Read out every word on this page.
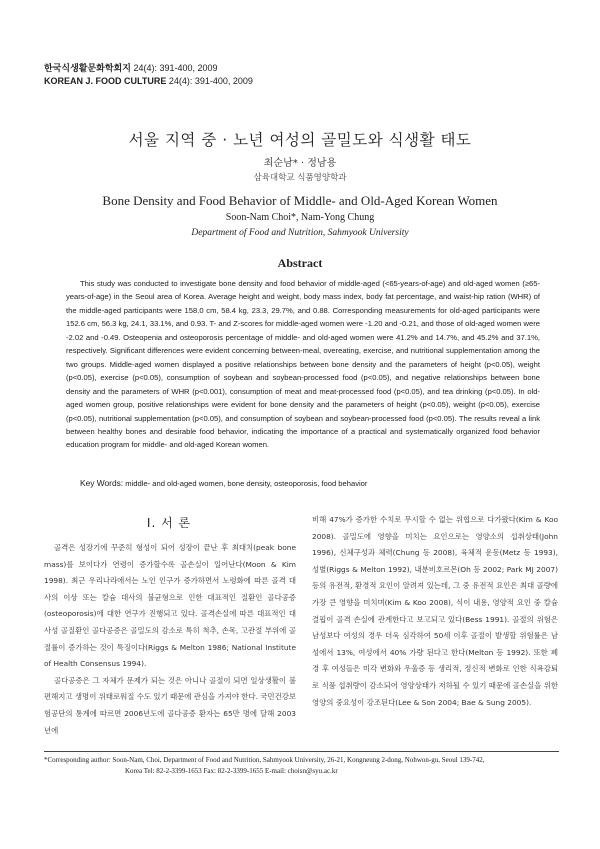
한국식생활문화학회지 24(4): 391-400, 2009
KOREAN J. FOOD CULTURE 24(4): 391-400, 2009
서울 지역 중 · 노년 여성의 골밀도와 식생활 태도
최순남* · 정남용
삼육대학교 식품영양학과
Bone Density and Food Behavior of Middle- and Old-Aged Korean Women
Soon-Nam Choi*, Nam-Yong Chung
Department of Food and Nutrition, Sahmyook University
Abstract
This study was conducted to investigate bone density and food behavior of middle-aged (<65-years-of-age) and old-aged women (≥65-years-of-age) in the Seoul area of Korea. Average height and weight, body mass index, body fat percentage, and waist-hip ration (WHR) of the middle-aged participants were 158.0 cm, 58.4 kg, 23.3, 29.7%, and 0.88. Corresponding measurements for old-aged participants were 152.6 cm, 56.3 kg, 24.1, 33.1%, and 0.93. T- and Z-scores for middle-aged women were -1.20 and -0.21, and those of old-aged women were -2.02 and -0.49. Osteopenia and osteoporosis percentage of middle- and old-aged women were 41.2% and 14.7%, and 45.2% and 37.1%, respectively. Significant differences were evident concerning between-meal, overeating, exercise, and nutritional supplementation among the two groups. Middle-aged women displayed a positive relationships between bone density and the parameters of height (p<0.05), weight (p<0.05), exercise (p<0.05), consumption of soybean and soybean-processed food (p<0.05), and negative relationships between bone density and the parameters of WHR (p<0.001), consumption of meat and meat-processed food (p<0.05), and tea drinking (p<0.05). In old-aged women group, positive relationships were evident for bone density and the parameters of height (p<0.05), weight (p<0.05), exercise (p<0.05), nutritional supplementation (p<0.05), and consumption of soybean and soybean-processed food (p<0.05). The results reveal a link between healthy bones and desirable food behavior, indicating the importance of a practical and systematically organized food behavior education program for middle- and old-aged Korean women.
Key Words: middle- and old-aged women, bone density, osteoporosis, food behavior
I. 서 론

골격은 성장기에 꾸준히 형성이 되어 성장이 끝난 후 최대치(peak bone mass)를 보이다가 연령이 증가할수록 골손실이 일어난다(Moon & Kim 1998). 최근 우리나라에서는 노인 인구가 증가하면서 노령화에 따른 골격 대사의 이상 또는 칼슘 대사의 불균형으로 인한 대표적인 질환인 골다공증(osteoporosis)에 대한 연구가 진행되고 있다. 골격손실에 따른 대표적인 대사성 골질환인 골다공증은 골밀도의 감소로 특히 척추, 손목, 고관절 부위에 골절률이 증가하는 것이 특징이다(Riggs & Melton 1986; National Institute of Health Consensus 1994).

골다공증은 그 자체가 문제가 되는 것은 아니나 골절이 되면 일상생활이 불편해지고 생명이 위태로워질 수도 있기 때문에 관심을 가져야 한다. 국민건강보험공단의 통계에 따르면 2006년도에 골다공증 환자는 65만 명에 달해 2003년에

비해 47%가 증가한 수치로 무시할 수 없는 위협으로 다가왔다(Kim & Koo 2008). 골밀도에 영향을 미치는 요인으로는 영양소의 섭취상태(John 1996), 신체구성과 체력(Chung 등 2008), 육체적 운동(Metz 등 1993), 성별(Riggs & Melton 1992), 내분비호르몬(Oh 등 2002; Park MJ 2007) 등의 유전적, 환경적 요인이 알려져 있는데, 그 중 유전적 요인은 최대 골량에 가장 큰 영향을 미치며(Kim & Koo 2008), 식이 내용, 영양적 요인 중 칼슘 결핍이 골격 손실에 관계한다고 보고되고 있다(Bess 1991). 골절의 위험은 남성보다 여성의 경우 더욱 심각하여 50세 이후 골절이 발생할 위험률은 남성에서 13%, 여성에서 40% 가량 된다고 한다(Melton 등 1992). 또한 폐경 후 여성들은 미각 변화와 우울증 등 생리적, 정신적 변화로 인한 식욕감퇴로 식품 섭취량이 감소되어 영양상태가 저하될 수 있기 때문에 골손실을 위한 영양의 중요성이 강조된다(Lee & Son 2004; Bae & Sung 2005).

*Corresponding author: Soon-Nam, Choi, Department of Food and Nutrition, Sahmyook University, 26-21, Kongneung 2-dong, Nohwon-gu, Seoul 139-742,
Korea Tel: 82-2-3399-1653 Fax: 82-2-3399-1655 E-mail: choisn@syu.ac.kr
